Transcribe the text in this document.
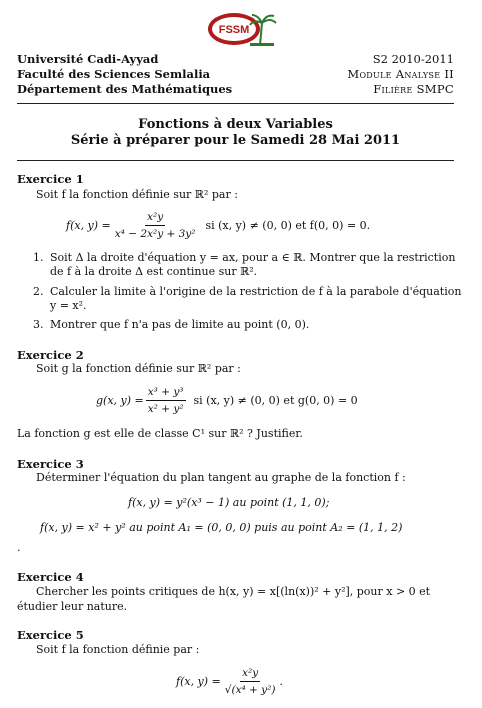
FSSM
Université Cadi-Ayyad
Faculté des Sciences Semlalia
Département des Mathématiques
S2 2010-2011
Module Analyse II
Filière SMPC
Fonctions à deux Variables
Série à préparer pour le Samedi 28 Mai 2011
Exercice 1
Soit f la fonction définie sur ℝ² par :
f(x, $y) = \frac{\text{x²y}}{\text{x⁴ − 2x²y + 3y²}}$ si (x, y) ≠ (0, 0) et f(0, 0) = 0.
1. Soit Δ la droite d'équation y = ax, pour a ∈ ℝ. Montrer que la restriction
de f à la droite Δ est continue sur ℝ².
2. Calculer la limite à l'origine de la restriction de f à la parabole d'équation
y = x².
3. Montrer que f n'a pas de limite au point (0, 0).
Exercice 2
Soit g la fonction définie sur ℝ² par :
g(x, $y) = \frac{\text{x³ + y³}}{\text{x² + y²}}$ si (x, y) ≠ (0, 0) et g(0, 0) = 0
La fonction g est elle de classe C¹ sur ℝ² ? Justifier.
Exercice 3
Déterminer l'équation du plan tangent au graphe de la fonction f :
f(x, y) = y²(x³ − 1) au point (1, 1, 0);
f(x, y) = x² + y² au point A₁ = (0, 0, 0) puis au point A₂ = (1, 1, 2)
.
Exercice 4
Chercher les points critiques de h(x, y) = x[(ln(x))² + y²], pour x > 0 et
étudier leur nature.
Exercice 5
Soit f la fonction définie par :
f(x, $y) = \frac{\text{x²y}}{\text{√(x⁴ + y²)}}$ .
